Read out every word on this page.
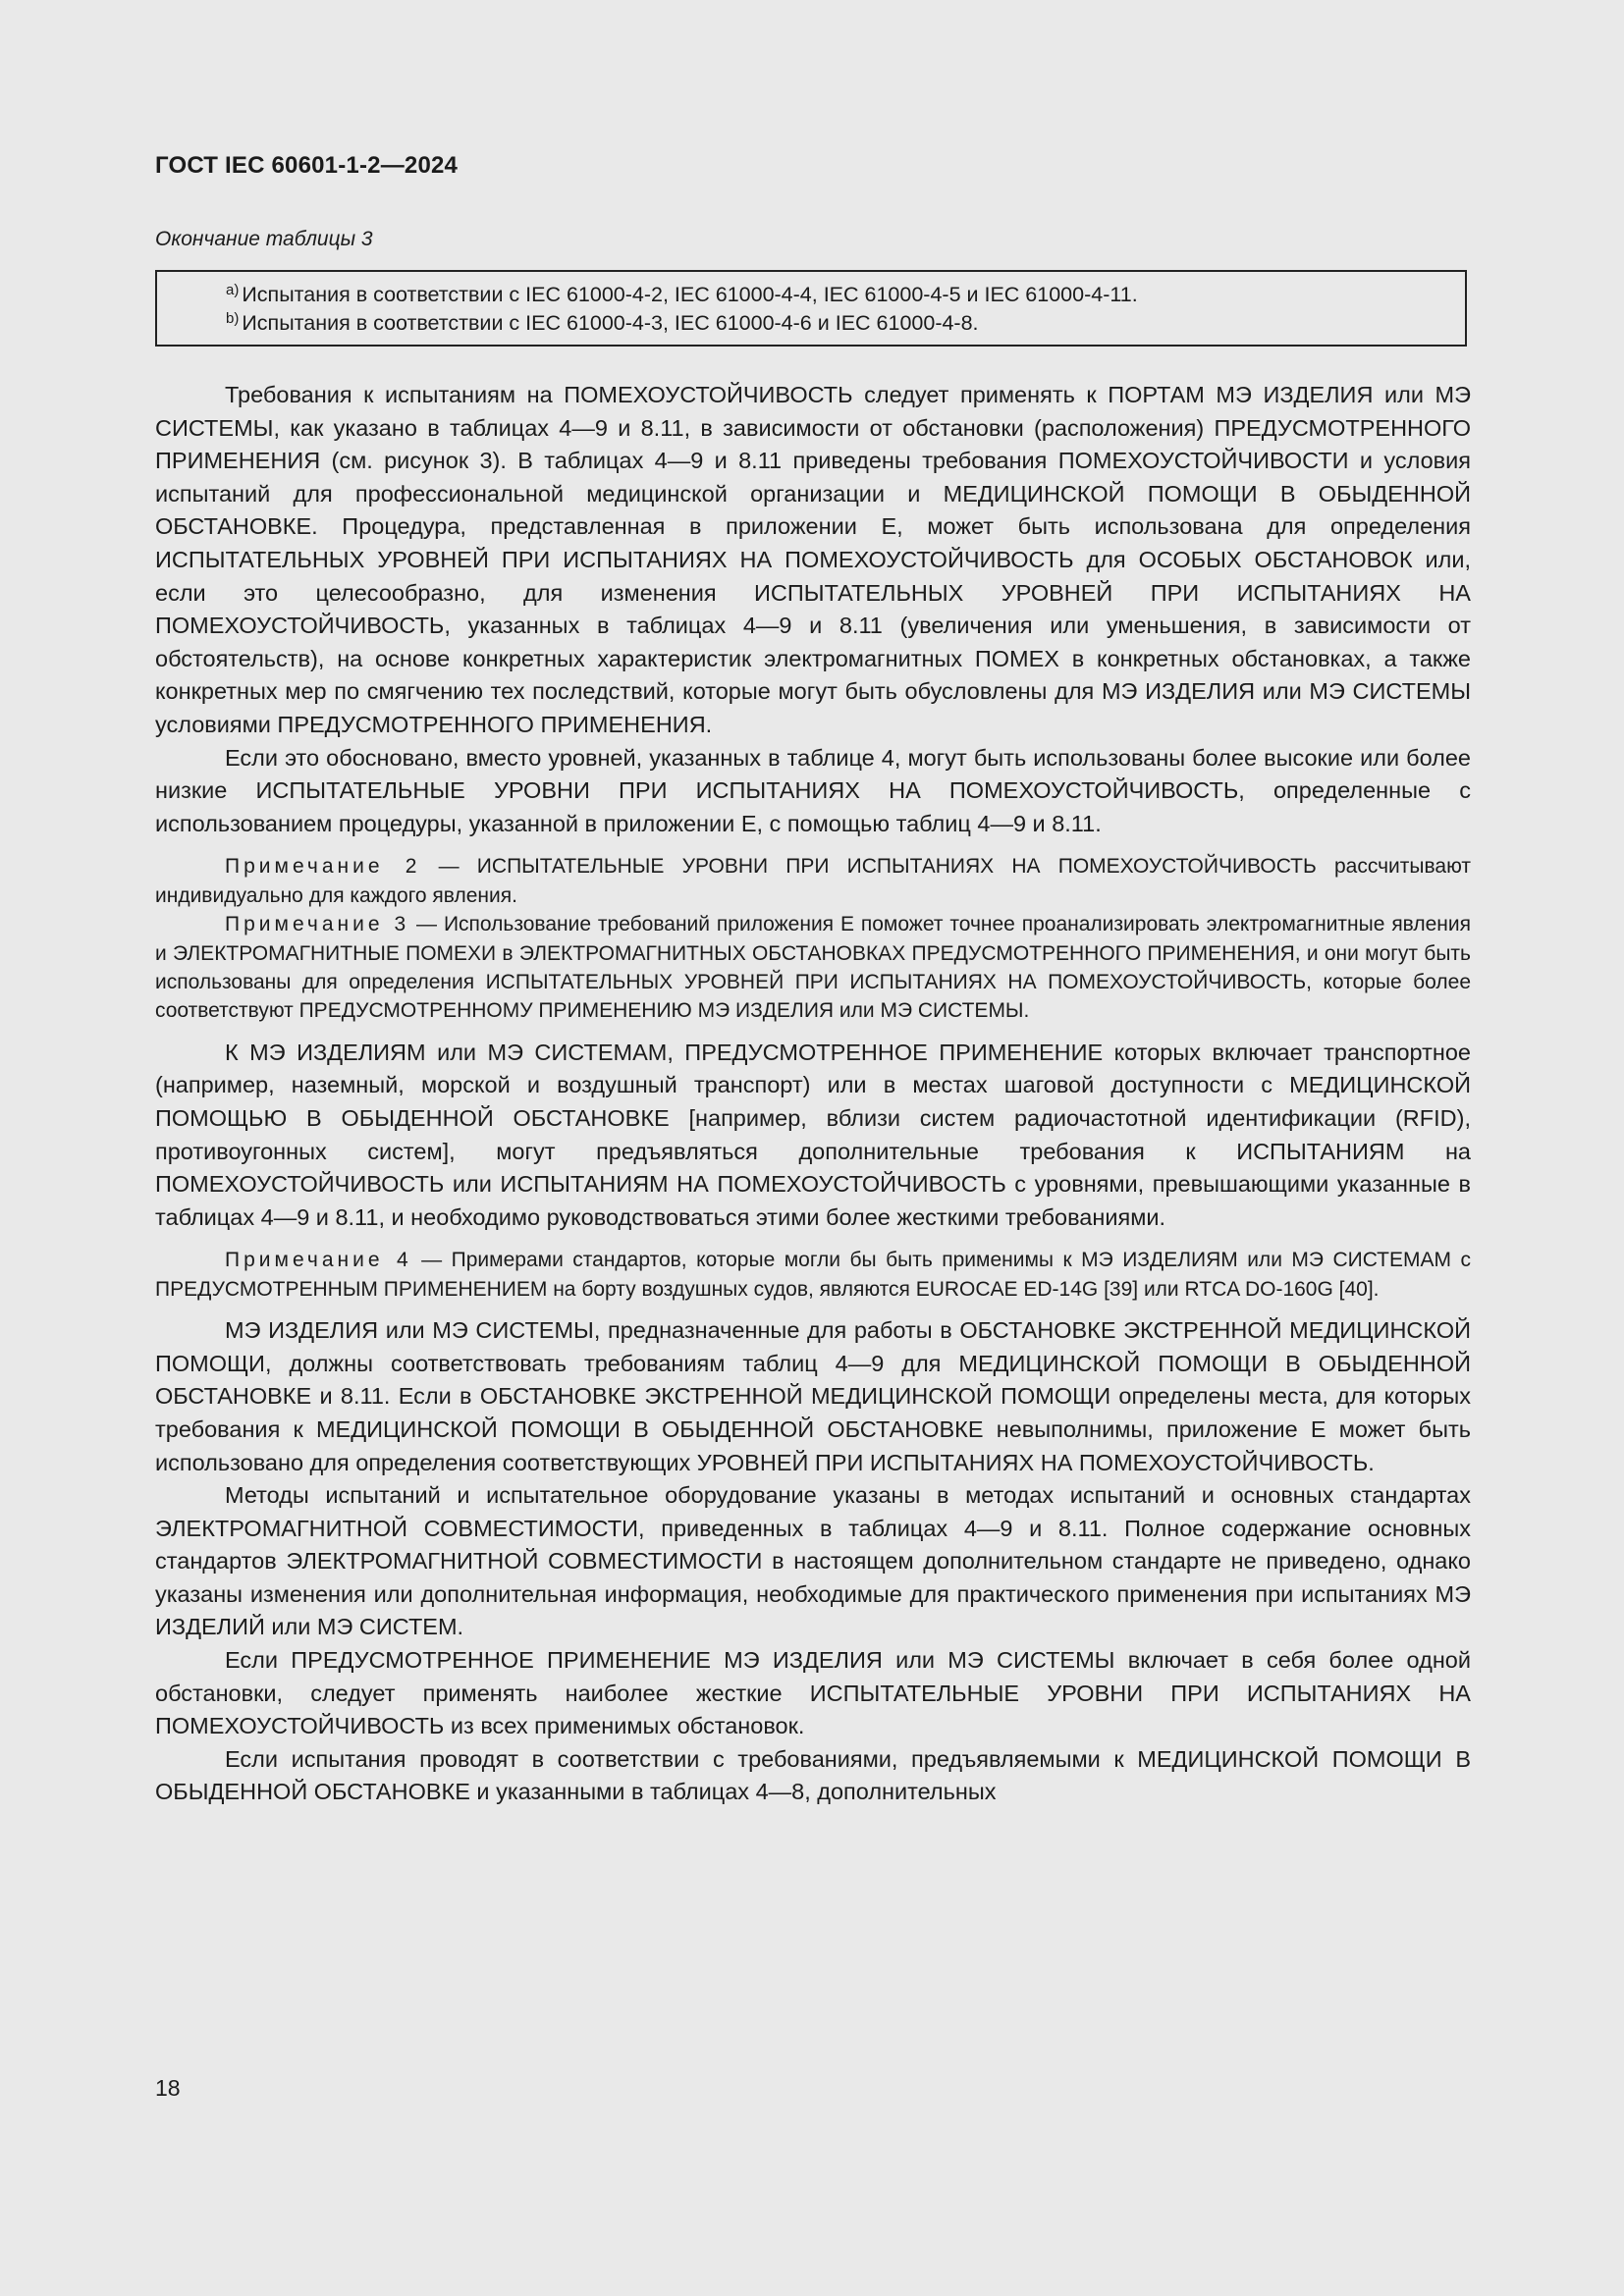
ГОСТ IEC 60601-1-2—2024
Окончание таблицы 3
$^{a)}$ Испытания в соответствии с IEC 61000-4-2, IEC 61000-4-4, IEC 61000-4-5 и IEC 61000-4-11.
$^{b)}$ Испытания в соответствии с IEC 61000-4-3, IEC 61000-4-6 и IEC 61000-4-8.

Требования к испытаниям на ПОМЕХОУСТОЙЧИВОСТЬ следует применять к ПОРТАМ МЭ ИЗДЕЛИЯ или МЭ СИСТЕМЫ, как указано в таблицах 4—9 и 8.11, в зависимости от обстановки (расположения) ПРЕДУСМОТРЕННОГО ПРИМЕНЕНИЯ (см. рисунок 3). В таблицах 4—9 и 8.11 приведены требования ПОМЕХОУСТОЙЧИВОСТИ и условия испытаний для профессиональной медицинской организации и МЕДИЦИНСКОЙ ПОМОЩИ В ОБЫДЕННОЙ ОБСТАНОВКЕ. Процедура, представленная в приложении Е, может быть использована для определения ИСПЫТАТЕЛЬНЫХ УРОВНЕЙ ПРИ ИСПЫТАНИЯХ НА ПОМЕХОУСТОЙЧИВОСТЬ для ОСОБЫХ ОБСТАНОВОК или, если это целесообразно, для изменения ИСПЫТАТЕЛЬНЫХ УРОВНЕЙ ПРИ ИСПЫТАНИЯХ НА ПОМЕХОУСТОЙЧИВОСТЬ, указанных в таблицах 4—9 и 8.11 (увеличения или уменьшения, в зависимости от обстоятельств), на основе конкретных характеристик электромагнитных ПОМЕХ в конкретных обстановках, а также конкретных мер по смягчению тех последствий, которые могут быть обусловлены для МЭ ИЗДЕЛИЯ или МЭ СИСТЕМЫ условиями ПРЕДУСМОТРЕННОГО ПРИМЕНЕНИЯ.

Если это обосновано, вместо уровней, указанных в таблице 4, могут быть использованы более высокие или более низкие ИСПЫТАТЕЛЬНЫЕ УРОВНИ ПРИ ИСПЫТАНИЯХ НА ПОМЕХОУСТОЙЧИВОСТЬ, определенные с использованием процедуры, указанной в приложении Е, с помощью таблиц 4—9 и 8.11.

Примечание 2 — ИСПЫТАТЕЛЬНЫЕ УРОВНИ ПРИ ИСПЫТАНИЯХ НА ПОМЕХОУСТОЙЧИВОСТЬ рассчитывают индивидуально для каждого явления.

Примечание 3 — Использование требований приложения Е поможет точнее проанализировать электромагнитные явления и ЭЛЕКТРОМАГНИТНЫЕ ПОМЕХИ в ЭЛЕКТРОМАГНИТНЫХ ОБСТАНОВКАХ ПРЕДУСМОТРЕННОГО ПРИМЕНЕНИЯ, и они могут быть использованы для определения ИСПЫТАТЕЛЬНЫХ УРОВНЕЙ ПРИ ИСПЫТАНИЯХ НА ПОМЕХОУСТОЙЧИВОСТЬ, которые более соответствуют ПРЕДУСМОТРЕННОМУ ПРИМЕНЕНИЮ МЭ ИЗДЕЛИЯ или МЭ СИСТЕМЫ.

К МЭ ИЗДЕЛИЯМ или МЭ СИСТЕМАМ, ПРЕДУСМОТРЕННОЕ ПРИМЕНЕНИЕ которых включает транспортное (например, наземный, морской и воздушный транспорт) или в местах шаговой доступности с МЕДИЦИНСКОЙ ПОМОЩЬЮ В ОБЫДЕННОЙ ОБСТАНОВКЕ [например, вблизи систем радиочастотной идентификации (RFID), противоугонных систем], могут предъявляться дополнительные требования к ИСПЫТАНИЯМ на ПОМЕХОУСТОЙЧИВОСТЬ или ИСПЫТАНИЯМ НА ПОМЕХОУСТОЙЧИВОСТЬ с уровнями, превышающими указанные в таблицах 4—9 и 8.11, и необходимо руководствоваться этими более жесткими требованиями.

Примечание 4 — Примерами стандартов, которые могли бы быть применимы к МЭ ИЗДЕЛИЯМ или МЭ СИСТЕМАМ с ПРЕДУСМОТРЕННЫМ ПРИМЕНЕНИЕМ на борту воздушных судов, являются EUROCAE ED-14G [39] или RTCA DO-160G [40].

МЭ ИЗДЕЛИЯ или МЭ СИСТЕМЫ, предназначенные для работы в ОБСТАНОВКЕ ЭКСТРЕННОЙ МЕДИЦИНСКОЙ ПОМОЩИ, должны соответствовать требованиям таблиц 4—9 для МЕДИЦИНСКОЙ ПОМОЩИ В ОБЫДЕННОЙ ОБСТАНОВКЕ и 8.11. Если в ОБСТАНОВКЕ ЭКСТРЕННОЙ МЕДИЦИНСКОЙ ПОМОЩИ определены места, для которых требования к МЕДИЦИНСКОЙ ПОМОЩИ В ОБЫДЕННОЙ ОБСТАНОВКЕ невыполнимы, приложение Е может быть использовано для определения соответствующих УРОВНЕЙ ПРИ ИСПЫТАНИЯХ НА ПОМЕХОУСТОЙЧИВОСТЬ.

Методы испытаний и испытательное оборудование указаны в методах испытаний и основных стандартах ЭЛЕКТРОМАГНИТНОЙ СОВМЕСТИМОСТИ, приведенных в таблицах 4—9 и 8.11. Полное содержание основных стандартов ЭЛЕКТРОМАГНИТНОЙ СОВМЕСТИМОСТИ в настоящем дополнительном стандарте не приведено, однако указаны изменения или дополнительная информация, необходимые для практического применения при испытаниях МЭ ИЗДЕЛИЙ или МЭ СИСТЕМ.

Если ПРЕДУСМОТРЕННОЕ ПРИМЕНЕНИЕ МЭ ИЗДЕЛИЯ или МЭ СИСТЕМЫ включает в себя более одной обстановки, следует применять наиболее жесткие ИСПЫТАТЕЛЬНЫЕ УРОВНИ ПРИ ИСПЫТАНИЯХ НА ПОМЕХОУСТОЙЧИВОСТЬ из всех применимых обстановок.

Если испытания проводят в соответствии с требованиями, предъявляемыми к МЕДИЦИНСКОЙ ПОМОЩИ В ОБЫДЕННОЙ ОБСТАНОВКЕ и указанными в таблицах 4—8, дополнительных

18
